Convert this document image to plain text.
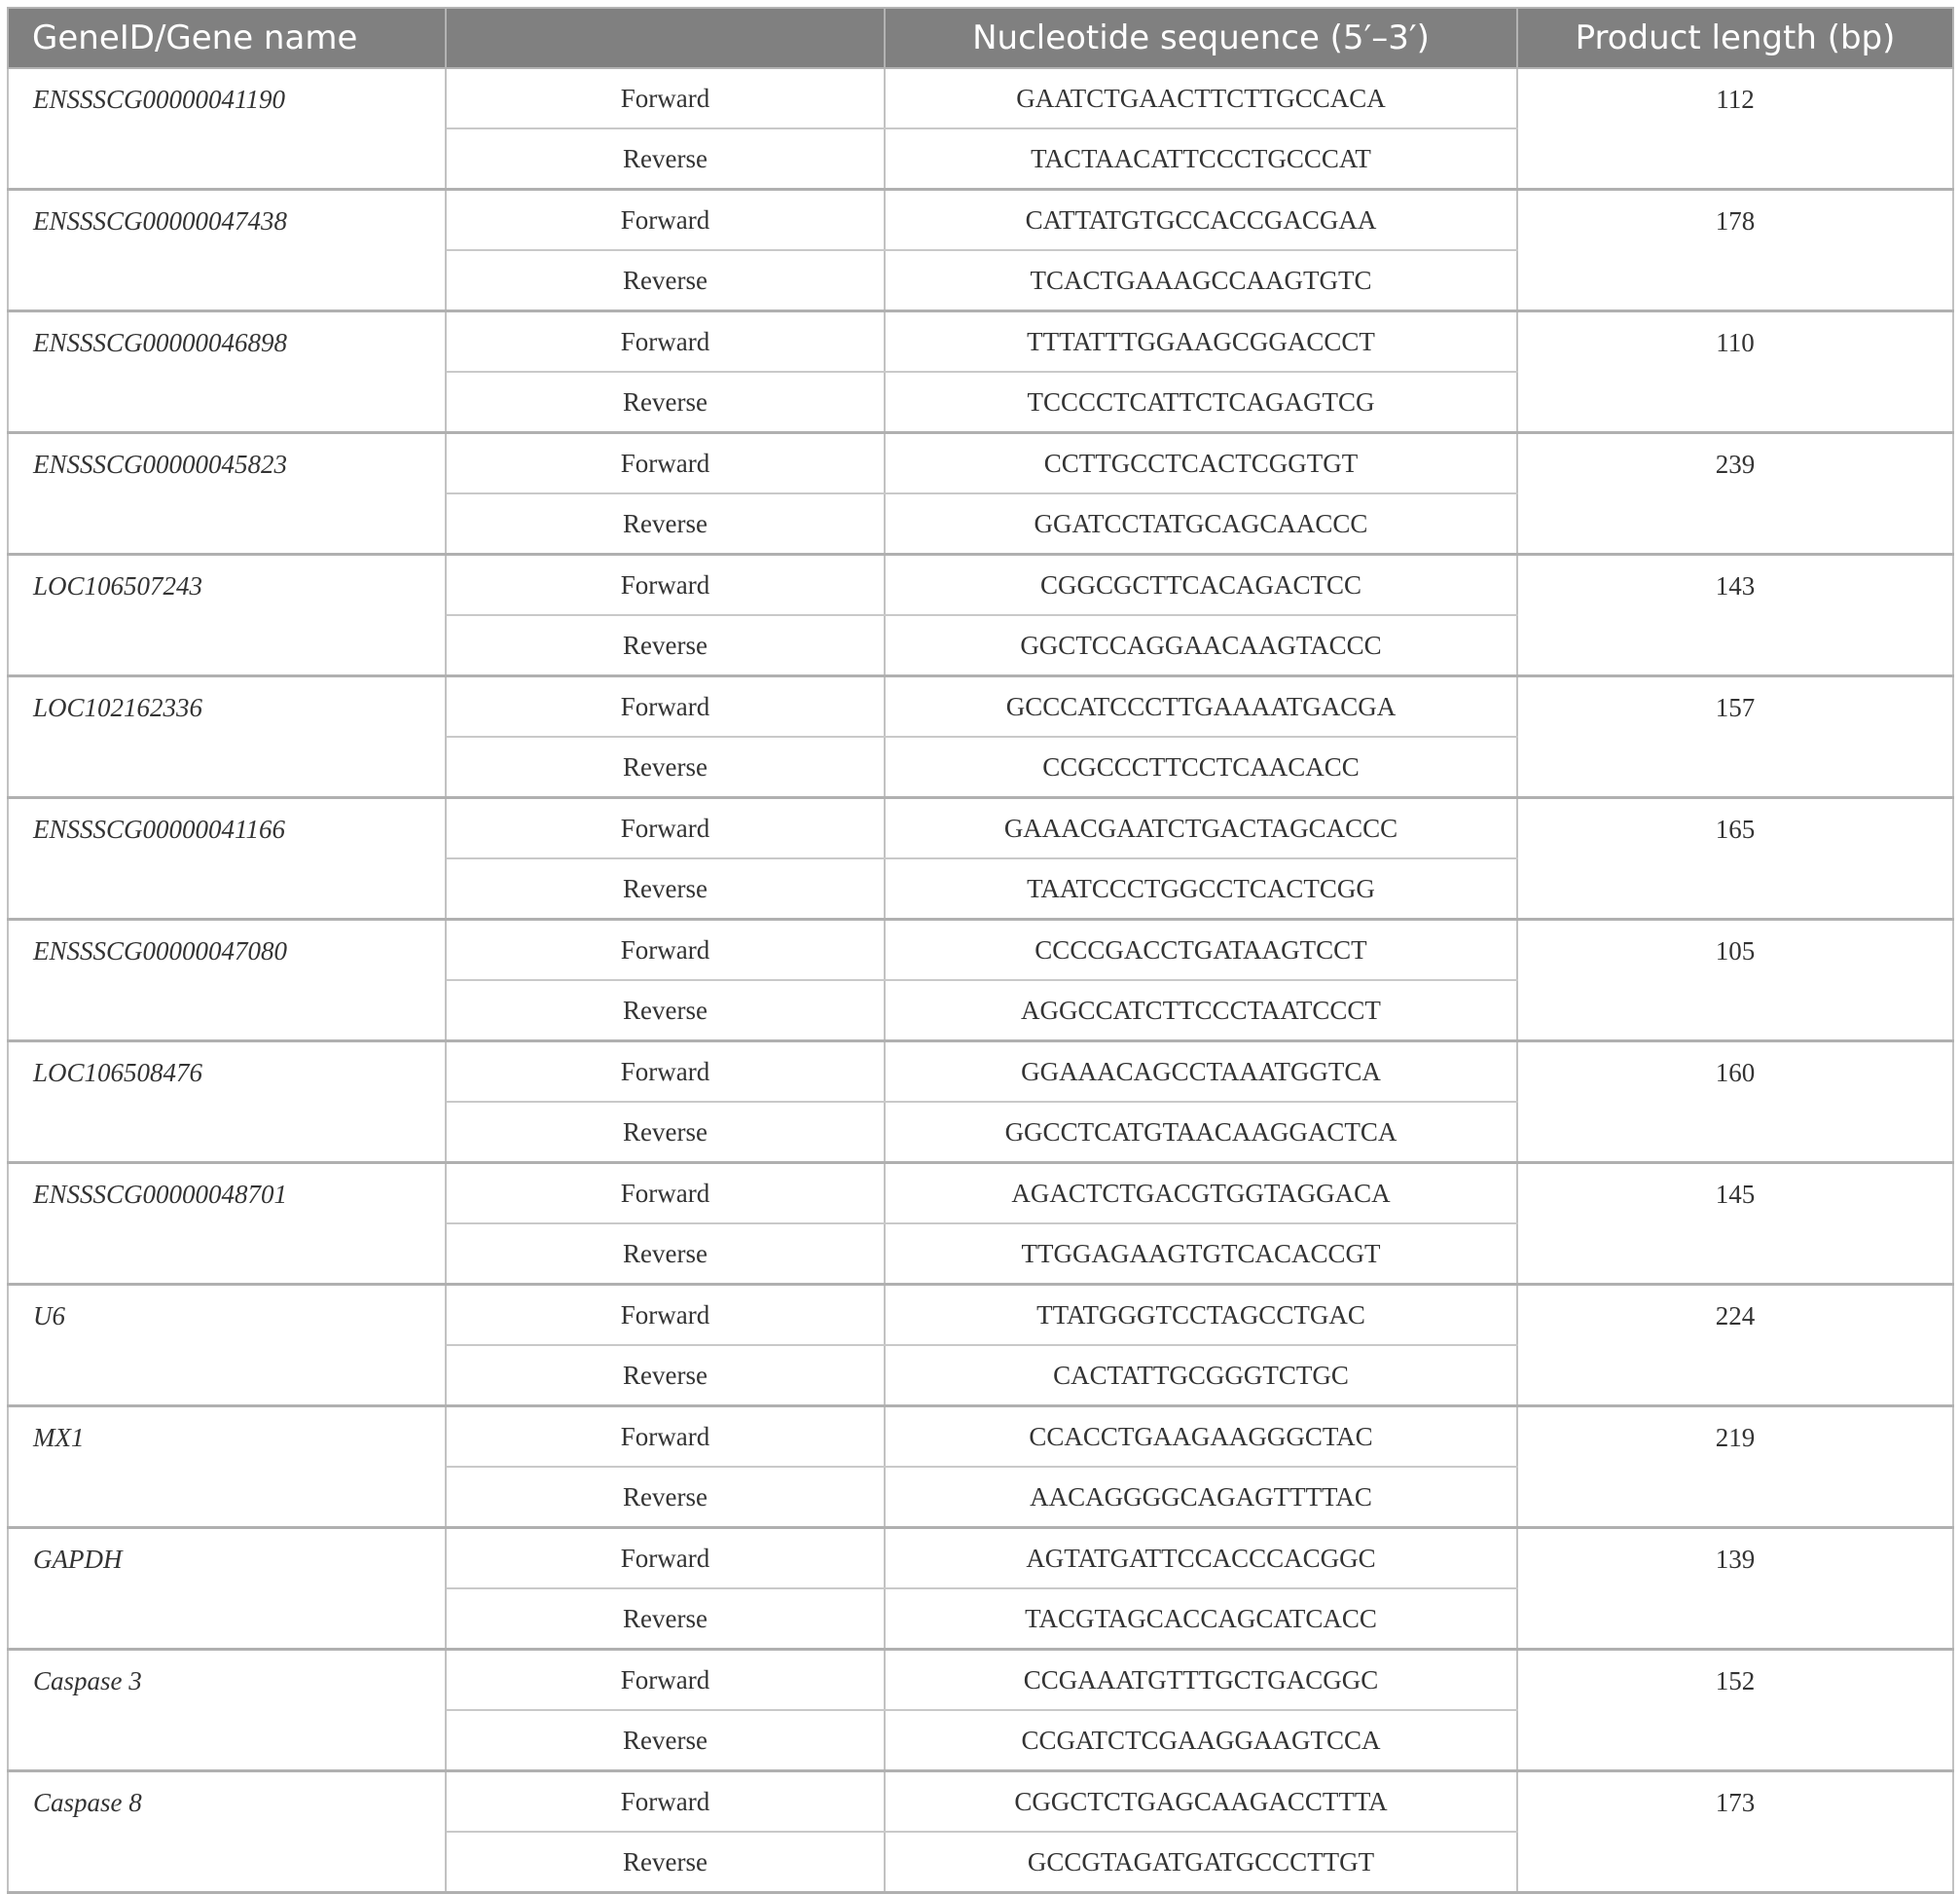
GeneID/Gene name		Nucleotide sequence (5′–3′)	Product length (bp)
ENSSSCG00000041190	Forward	GAATCTGAACTTCTTGCCACA	112
	Reverse	TACTAACATTCCCTGCCCAT	
ENSSSCG00000047438	Forward	CATTATGTGCCACCGACGAA	178
	Reverse	TCACTGAAAGCCAAGTGTC	
ENSSSCG00000046898	Forward	TTTATTTGGAAGCGGACCCT	110
	Reverse	TCCCCTCATTCTCAGAGTCG	
ENSSSCG00000045823	Forward	CCTTGCCTCACTCGGTGT	239
	Reverse	GGATCCTATGCAGCAACCC	
LOC106507243	Forward	CGGCGCTTCACAGACTCC	143
	Reverse	GGCTCCAGGAACAAGTACCC	
LOC102162336	Forward	GCCCATCCCTTGAAAATGACGA	157
	Reverse	CCGCCCTTCCTCAACACC	
ENSSSCG00000041166	Forward	GAAACGAATCTGACTAGCACCC	165
	Reverse	TAATCCCTGGCCTCACTCGG	
ENSSSCG00000047080	Forward	CCCCGACCTGATAAGTCCT	105
	Reverse	AGGCCATCTTCCCTAATCCCT	
LOC106508476	Forward	GGAAACAGCCTAAATGGTCA	160
	Reverse	GGCCTCATGTAACAAGGACTCA	
ENSSSCG00000048701	Forward	AGACTCTGACGTGGTAGGACA	145
	Reverse	TTGGAGAAGTGTCACACCGT	
U6	Forward	TTATGGGTCCTAGCCTGAC	224
	Reverse	CACTATTGCGGGTCTGC	
MX1	Forward	CCACCTGAAGAAGGGCTAC	219
	Reverse	AACAGGGGCAGAGTTTTAC	
GAPDH	Forward	AGTATGATTCCACCCACGGC	139
	Reverse	TACGTAGCACCAGCATCACC	
Caspase 3	Forward	CCGAAATGTTTGCTGACGGC	152
	Reverse	CCGATCTCGAAGGAAGTCCA	
Caspase 8	Forward	CGGCTCTGAGCAAGACCTTTA	173
	Reverse	GCCGTAGATGATGCCCTTGT	
